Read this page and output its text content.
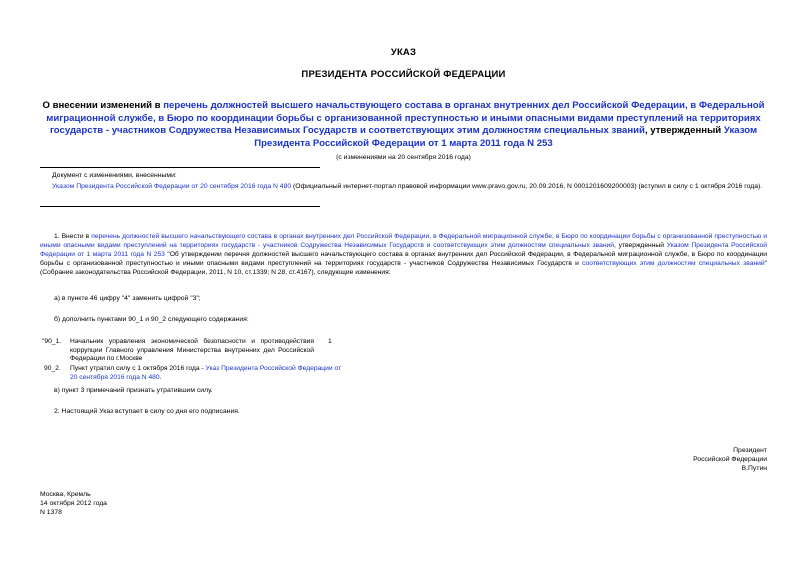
УКАЗ
ПРЕЗИДЕНТА РОССИЙСКОЙ ФЕДЕРАЦИИ
О внесении изменений в перечень должностей высшего начальствующего состава в органах внутренних дел Российской Федерации, в Федеральной миграционной службе, в Бюро по координации борьбы с организованной преступностью и иными опасными видами преступлений на территориях государств - участников Содружества Независимых Государств и соответствующих этим должностям специальных званий, утвержденный Указом Президента Российской Федерации от 1 марта 2011 года N 253
(с изменениями на 20 сентября 2016 года)
Документ с изменениями, внесенными:
Указом Президента Российской Федерации от 20 сентября 2016 года N 480 (Официальный интернет-портал правовой информации www.pravo.gov.ru, 20.09.2016, N 0001201609200003) (вступил в силу с 1 октября 2016 года).
1. Внести в перечень должностей высшего начальствующего состава в органах внутренних дел Российской Федерации, в Федеральной миграционной службе, в Бюро по координации борьбы с организованной преступностью и иными опасными видами преступлений на территориях государств - участников Содружества Независимых Государств и соответствующих этим должностям специальных званий, утвержденный Указом Президента Российской Федерации от 1 марта 2011 года N 253 "Об утверждении перечня должностей высшего начальствующего состава в органах внутренних дел Российской Федерации, в Федеральной миграционной службе, в Бюро по координации борьбы с организованной преступностью и иными опасными видами преступлений на территориях государств - участников Содружества Независимых Государств и соответствующих этим должностям специальных званий" (Собрание законодательства Российской Федерации, 2011, N 10, ст.1339; N 28, ст.4167), следующие изменения:
а) в пункте 46 цифру "4" заменить цифрой "3";
б) дополнить пунктами 90_1 и 90_2 следующего содержания:
"90_1. Начальник управления экономической безопасности и противодействия коррупции Главного управления Министерства внутренних дел Российской Федерации по г.Москве
1
90_2. Пункт утратил силу с 1 октября 2016 года - Указ Президента Российской Федерации от 20 сентября 2016 года N 480.
в) пункт 3 примечаний признать утратившим силу.
2. Настоящий Указ вступает в силу со дня его подписания.
Президент
Российской Федерации
В.Путин
Москва, Кремль
14 октября 2012 года
N 1378
